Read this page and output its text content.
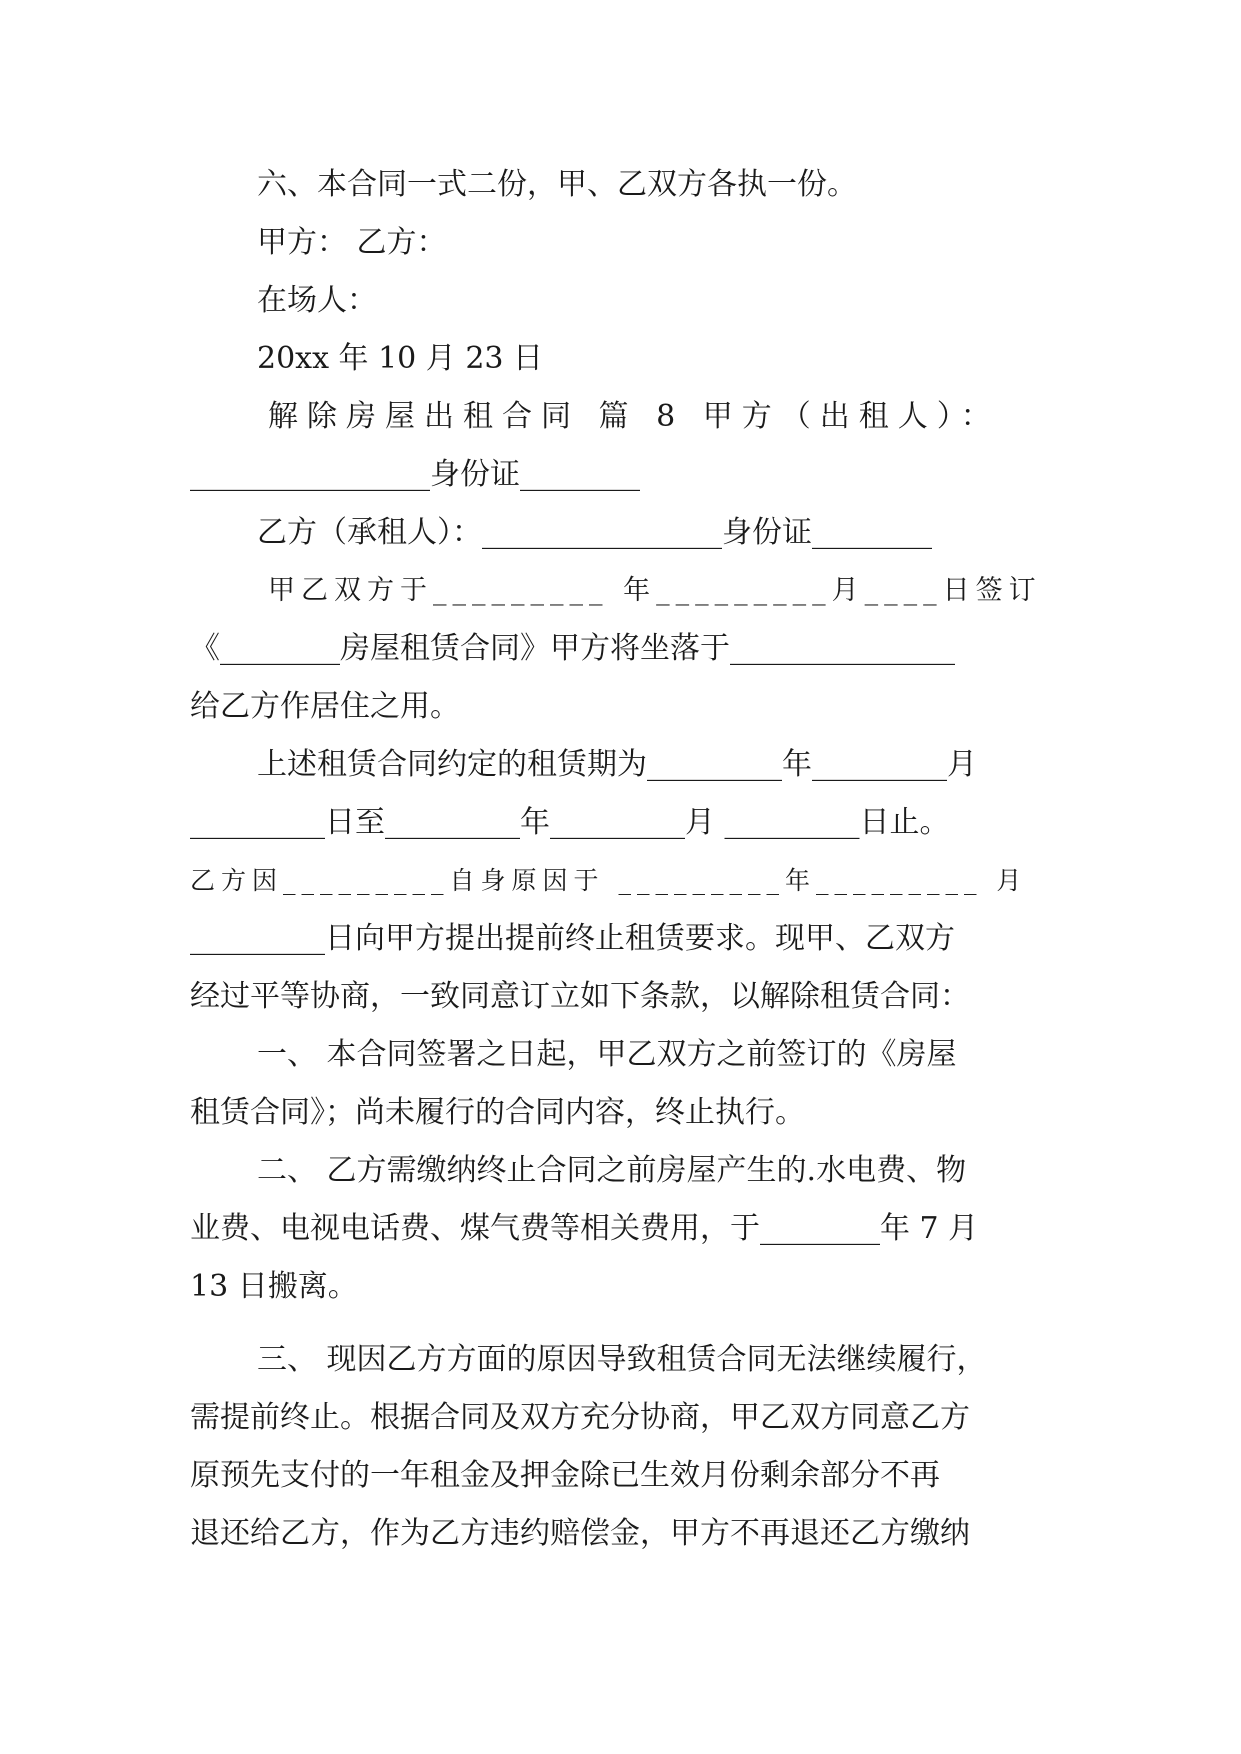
六、本合同一式二份，甲、乙双方各执一份。
甲方： 乙方：
在场人：
20xx 年 10 月 23 日
解除房屋出租合同 篇 8 甲方（出租人）：
________________身份证________
乙方（承租人）：________________身份证________
甲乙双方于_________ 年_________月____日签订
《________房屋租赁合同》甲方将坐落于_______________
给乙方作居住之用。
上述租赁合同约定的租赁期为_________年_________月
_________日至_________年_________月 _________日止。
乙方因_________自身原因于 _________年_________ 月
_________日向甲方提出提前终止租赁要求。现甲、乙双方
经过平等协商，一致同意订立如下条款，以解除租赁合同：
一、 本合同签署之日起，甲乙双方之前签订的《房屋
租赁合同》；尚未履行的合同内容，终止执行。
二、 乙方需缴纳终止合同之前房屋产生的.水电费、物
业费、电视电话费、煤气费等相关费用，于________年 7 月
13 日搬离。
三、 现因乙方方面的原因导致租赁合同无法继续履行，
需提前终止。根据合同及双方充分协商，甲乙双方同意乙方
原预先支付的一年租金及押金除已生效月份剩余部分不再
退还给乙方，作为乙方违约赔偿金，甲方不再退还乙方缴纳
